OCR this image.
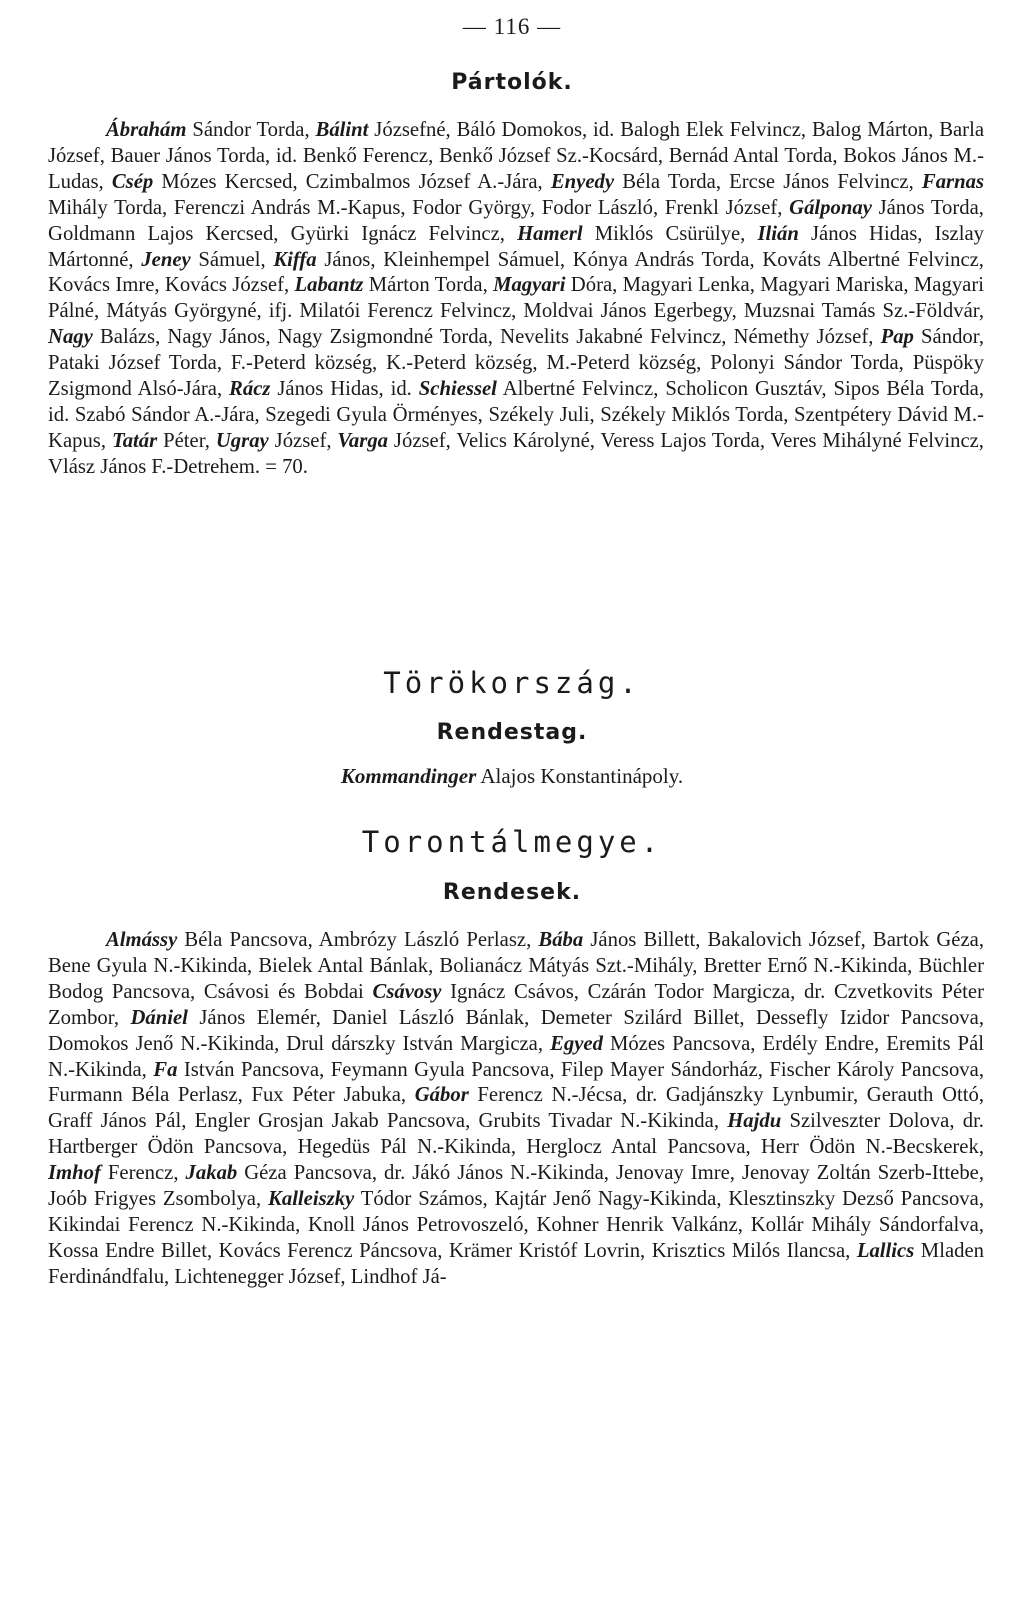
— 116 —
Pártolók.
Ábrahám Sándor Torda, Bálint Józsefné, Báló Domokos, id. Balogh Elek Felvincz, Balog Márton, Barla József, Bauer János Torda, id. Benkő Ferencz, Benkő József Sz.-Kocsárd, Bernád Antal Torda, Bokos János M.-Ludas, Csép Mózes Kercsed, Czimbalmos József A.-Jára, Enyedy Béla Torda, Ercse János Felvincz, Farnas Mihály Torda, Ferenczi András M.-Kapus, Fodor György, Fodor László, Frenkl József, Gálponay János Torda, Goldmann Lajos Kercsed, Gyürki Ignácz Felvincz, Hamerl Miklós Csürülye, Ilián János Hidas, Iszlay Mártonné, Jeney Sámuel, Kiffa János, Kleinhempel Sámuel, Kónya András Torda, Kováts Albertné Felvincz, Kovács Imre, Kovács József, Labantz Márton Torda, Magyari Dóra, Magyari Lenka, Magyari Mariska, Magyari Pálné, Mátyás Györgyné, ifj. Milatói Ferencz Felvincz, Moldvai János Egerbegy, Muzsnai Tamás Sz.-Földvár, Nagy Balázs, Nagy János, Nagy Zsigmondné Torda, Nevelits Jakabné Felvincz, Némethy József, Pap Sándor, Pataki József Torda, F.-Peterd község, K.-Peterd község, M.-Peterd község, Polonyi Sándor Torda, Püspöky Zsigmond Alsó-Jára, Rácz János Hidas, id. Schiessel Albertné Felvincz, Scholicon Gusztáv, Sipos Béla Torda, id. Szabó Sándor A.-Jára, Szegedi Gyula Örményes, Székely Juli, Székely Miklós Torda, Szentpétery Dávid M.-Kapus, Tatár Péter, Ugray József, Varga József, Velics Károlyné, Veress Lajos Torda, Veres Mihályné Felvincz, Vlász János F.-Detrehem. = 70.
Törökország.
Rendestag.
Kommandinger Alajos Konstantinápoly.
Torontálmegye.
Rendesek.
Almássy Béla Pancsova, Ambrózy László Perlasz, Bába János Billett, Bakalovich József, Bartok Géza, Bene Gyula N.-Kikinda, Bielek Antal Bánlak, Bolianácz Mátyás Szt.-Mihály, Bretter Ernő N.-Kikinda, Büchler Bodog Pancsova, Csávosi és Bobdai Csávosy Ignácz Csávos, Czárán Todor Margicza, dr. Czvetkovits Péter Zombor, Dániel János Elemér, Daniel László Bánlak, Demeter Szilárd Billet, Dessefly Izidor Pancsova, Domokos Jenő N.-Kikinda, Drul dárszky István Margicza, Egyed Mózes Pancsova, Erdély Endre, Eremits Pál N.-Kikinda, Fa István Pancsova, Feymann Gyula Pancsova, Filep Mayer Sándorház, Fischer Károly Pancsova, Furmann Béla Perlasz, Fux Péter Jabuka, Gábor Ferencz N.-Jécsa, dr. Gadjánszky Lynbumir, Gerauth Ottó, Graff János Pál, Engler Grosjan Jakab Pancsova, Grubits Tivadar N.-Kikinda, Hajdu Szilveszter Dolova, dr. Hartberger Ödön Pancsova, Hegedüs Pál N.-Kikinda, Herglocz Antal Pancsova, Herr Ödön N.-Becskerek, Imhof Ferencz, Jakab Géza Pancsova, dr. Jákó János N.-Kikinda, Jenovay Imre, Jenovay Zoltán Szerb-Ittebe, Joób Frigyes Zsombolya, Kalleiszky Tódor Számos, Kajtár Jenő Nagy-Kikinda, Klesztinszky Dezső Pancsova, Kikindai Ferencz N.-Kikinda, Knoll János Petrovoszeló, Kohner Henrik Valkánz, Kollár Mihály Sándorfalva, Kossa Endre Billet, Kovács Ferencz Páncsova, Krämer Kristóf Lovrin, Krisztics Milós Ilancsa, Lallics Mladen Ferdinándfalu, Lichtenegger József, Lindhof Já-
